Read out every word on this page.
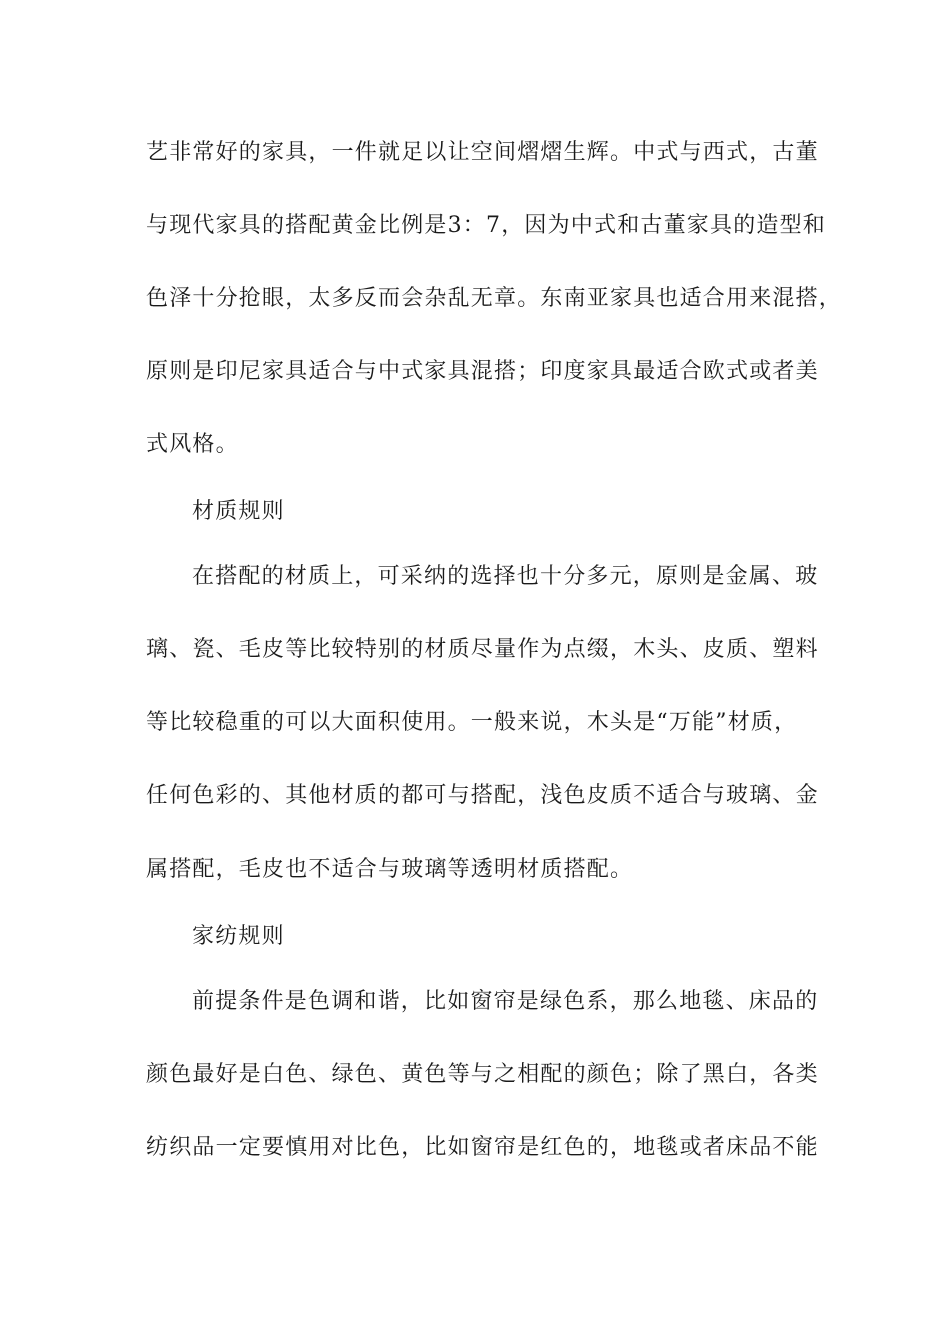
艺非常好的家具，一件就足以让空间熠熠生辉。中式与西式，古董
与现代家具的搭配黄金比例是3：7，因为中式和古董家具的造型和
色泽十分抢眼，太多反而会杂乱无章。东南亚家具也适合用来混搭，
原则是印尼家具适合与中式家具混搭；印度家具最适合欧式或者美
式风格。
材质规则
在搭配的材质上，可采纳的选择也十分多元，原则是金属、玻
璃、瓷、毛皮等比较特别的材质尽量作为点缀，木头、皮质、塑料
等比较稳重的可以大面积使用。一般来说，木头是“万能”材质，
任何色彩的、其他材质的都可与搭配，浅色皮质不适合与玻璃、金
属搭配，毛皮也不适合与玻璃等透明材质搭配。
家纺规则
前提条件是色调和谐，比如窗帘是绿色系，那么地毯、床品的
颜色最好是白色、绿色、黄色等与之相配的颜色；除了黑白，各类
纺织品一定要慎用对比色，比如窗帘是红色的，地毯或者床品不能
